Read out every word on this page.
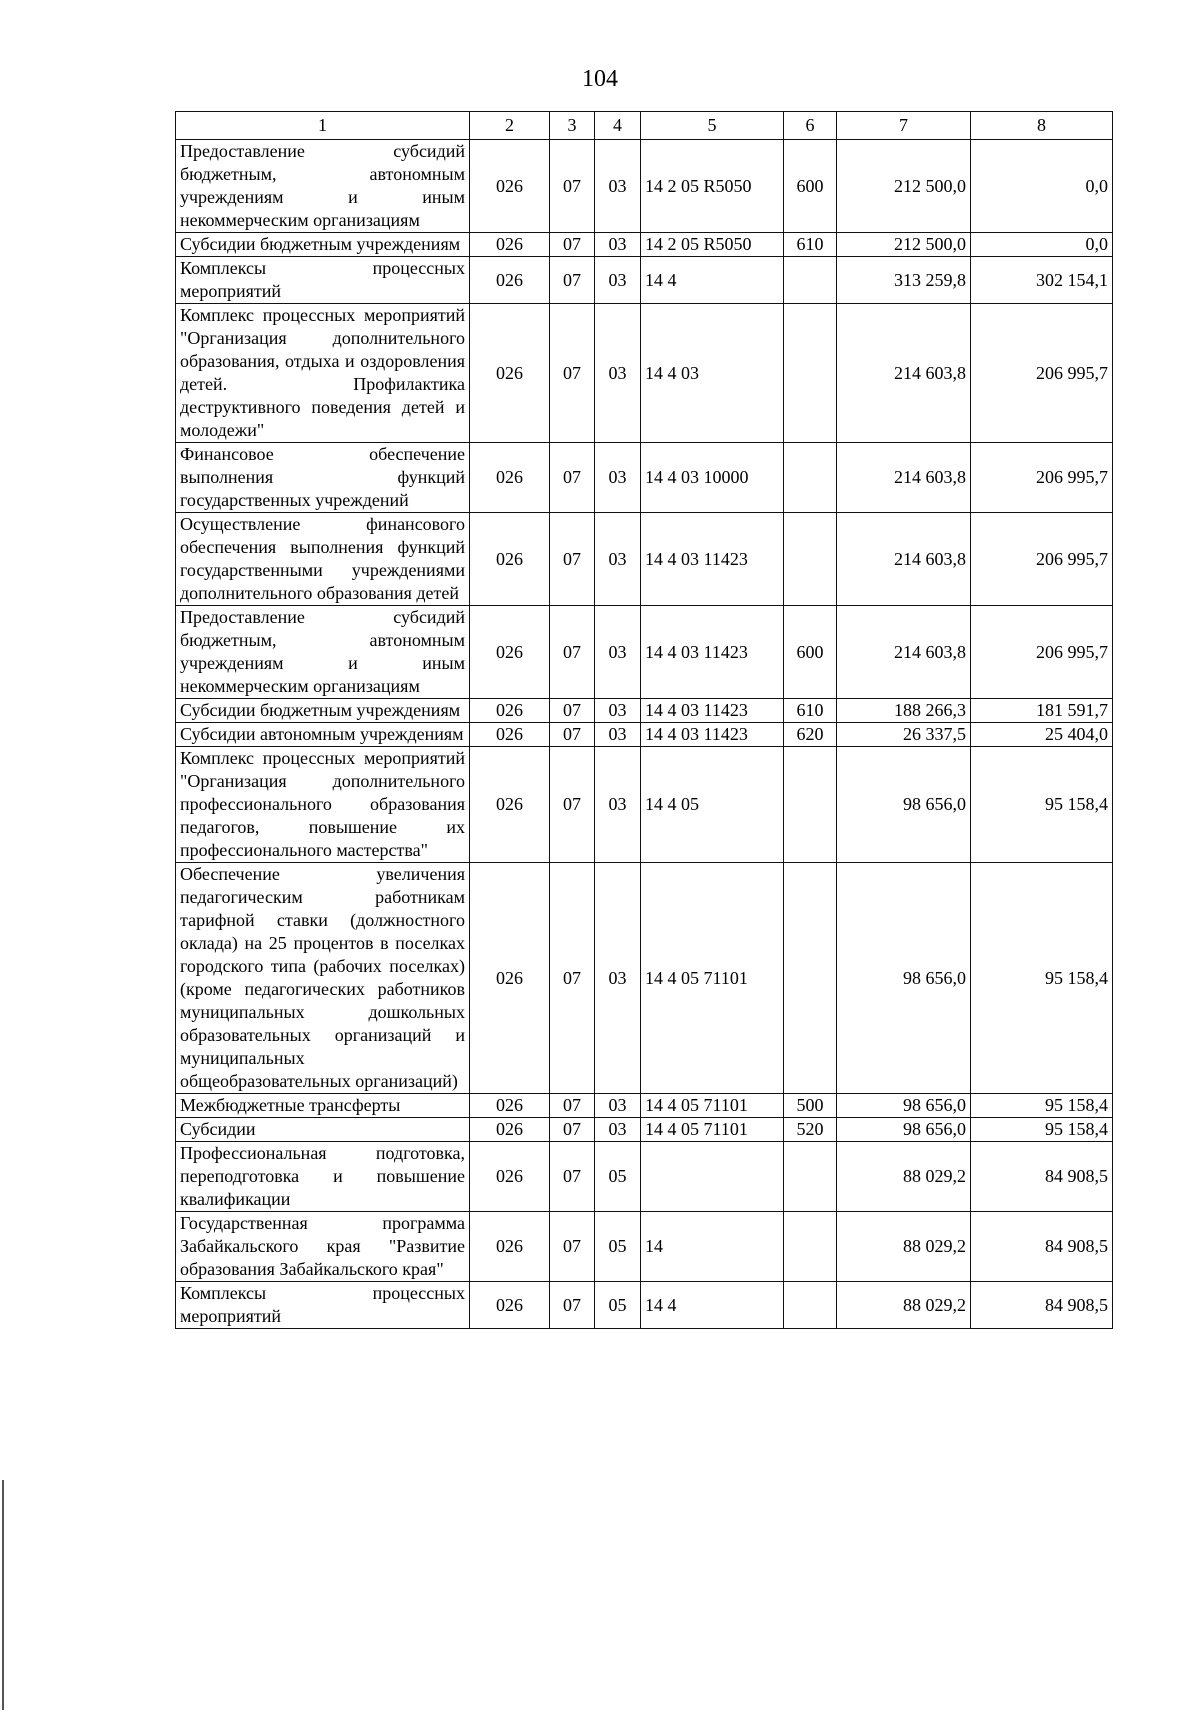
104
1	2	3	4	5	6	7	8
Предоставление субсидий бюджетным, автономным учреждениям и иным некоммерческим организациям	026	07	03	14 2 05 R5050	600	212 500,0	0,0
Субсидии бюджетным учреждениям	026	07	03	14 2 05 R5050	610	212 500,0	0,0
Комплексы процессных мероприятий	026	07	03	14 4		313 259,8	302 154,1
Комплекс процессных мероприятий "Организация дополнительного образования, отдыха и оздоровления детей. Профилактика деструктивного поведения детей и молодежи"	026	07	03	14 4 03		214 603,8	206 995,7
Финансовое обеспечение выполнения функций государственных учреждений	026	07	03	14 4 03 10000		214 603,8	206 995,7
Осуществление финансового обеспечения выполнения функций государственными учреждениями дополнительного образования детей	026	07	03	14 4 03 11423		214 603,8	206 995,7
Предоставление субсидий бюджетным, автономным учреждениям и иным некоммерческим организациям	026	07	03	14 4 03 11423	600	214 603,8	206 995,7
Субсидии бюджетным учреждениям	026	07	03	14 4 03 11423	610	188 266,3	181 591,7
Субсидии автономным учреждениям	026	07	03	14 4 03 11423	620	26 337,5	25 404,0
Комплекс процессных мероприятий "Организация дополнительного профессионального образования педагогов, повышение их профессионального мастерства"	026	07	03	14 4 05		98 656,0	95 158,4
Обеспечение увеличения педагогическим работникам тарифной ставки (должностного оклада) на 25 процентов в поселках городского типа (рабочих поселках) (кроме педагогических работников муниципальных дошкольных образовательных организаций и муниципальных общеобразовательных организаций)	026	07	03	14 4 05 71101		98 656,0	95 158,4
Межбюджетные трансферты	026	07	03	14 4 05 71101	500	98 656,0	95 158,4
Субсидии	026	07	03	14 4 05 71101	520	98 656,0	95 158,4
Профессиональная подготовка, переподготовка и повышение квалификации	026	07	05			88 029,2	84 908,5
Государственная программа Забайкальского края "Развитие образования Забайкальского края"	026	07	05	14		88 029,2	84 908,5
Комплексы процессных мероприятий	026	07	05	14 4		88 029,2	84 908,5
